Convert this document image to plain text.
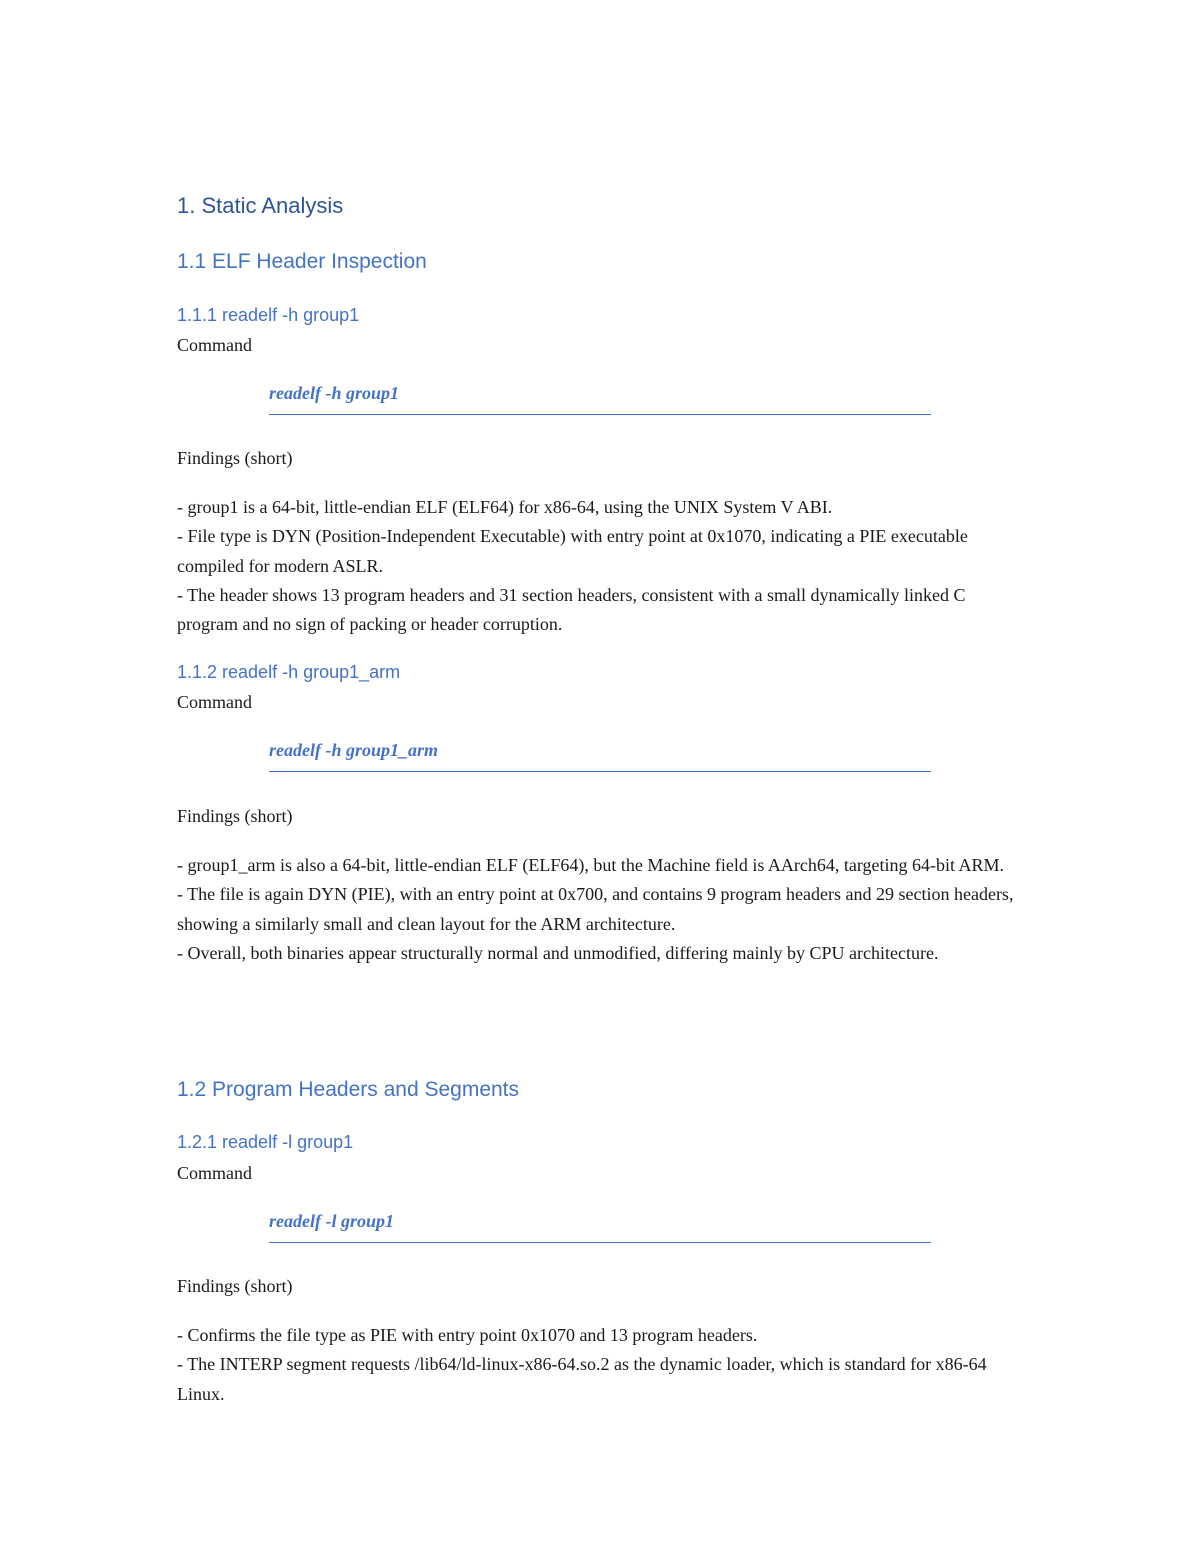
1. Static Analysis
1.1 ELF Header Inspection
1.1.1 readelf -h group1
Command
readelf -h group1
Findings (short)
- group1 is a 64-bit, little-endian ELF (ELF64) for x86-64, using the UNIX System V ABI.
- File type is DYN (Position-Independent Executable) with entry point at 0x1070, indicating a PIE executable compiled for modern ASLR.
- The header shows 13 program headers and 31 section headers, consistent with a small dynamically linked C program and no sign of packing or header corruption.
1.1.2 readelf -h group1_arm
Command
readelf -h group1_arm
Findings (short)
- group1_arm is also a 64-bit, little-endian ELF (ELF64), but the Machine field is AArch64, targeting 64-bit ARM.
- The file is again DYN (PIE), with an entry point at 0x700, and contains 9 program headers and 29 section headers, showing a similarly small and clean layout for the ARM architecture.
- Overall, both binaries appear structurally normal and unmodified, differing mainly by CPU architecture.
1.2 Program Headers and Segments
1.2.1 readelf -l group1
Command
readelf -l group1
Findings (short)
- Confirms the file type as PIE with entry point 0x1070 and 13 program headers.
- The INTERP segment requests /lib64/ld-linux-x86-64.so.2 as the dynamic loader, which is standard for x86-64 Linux.
